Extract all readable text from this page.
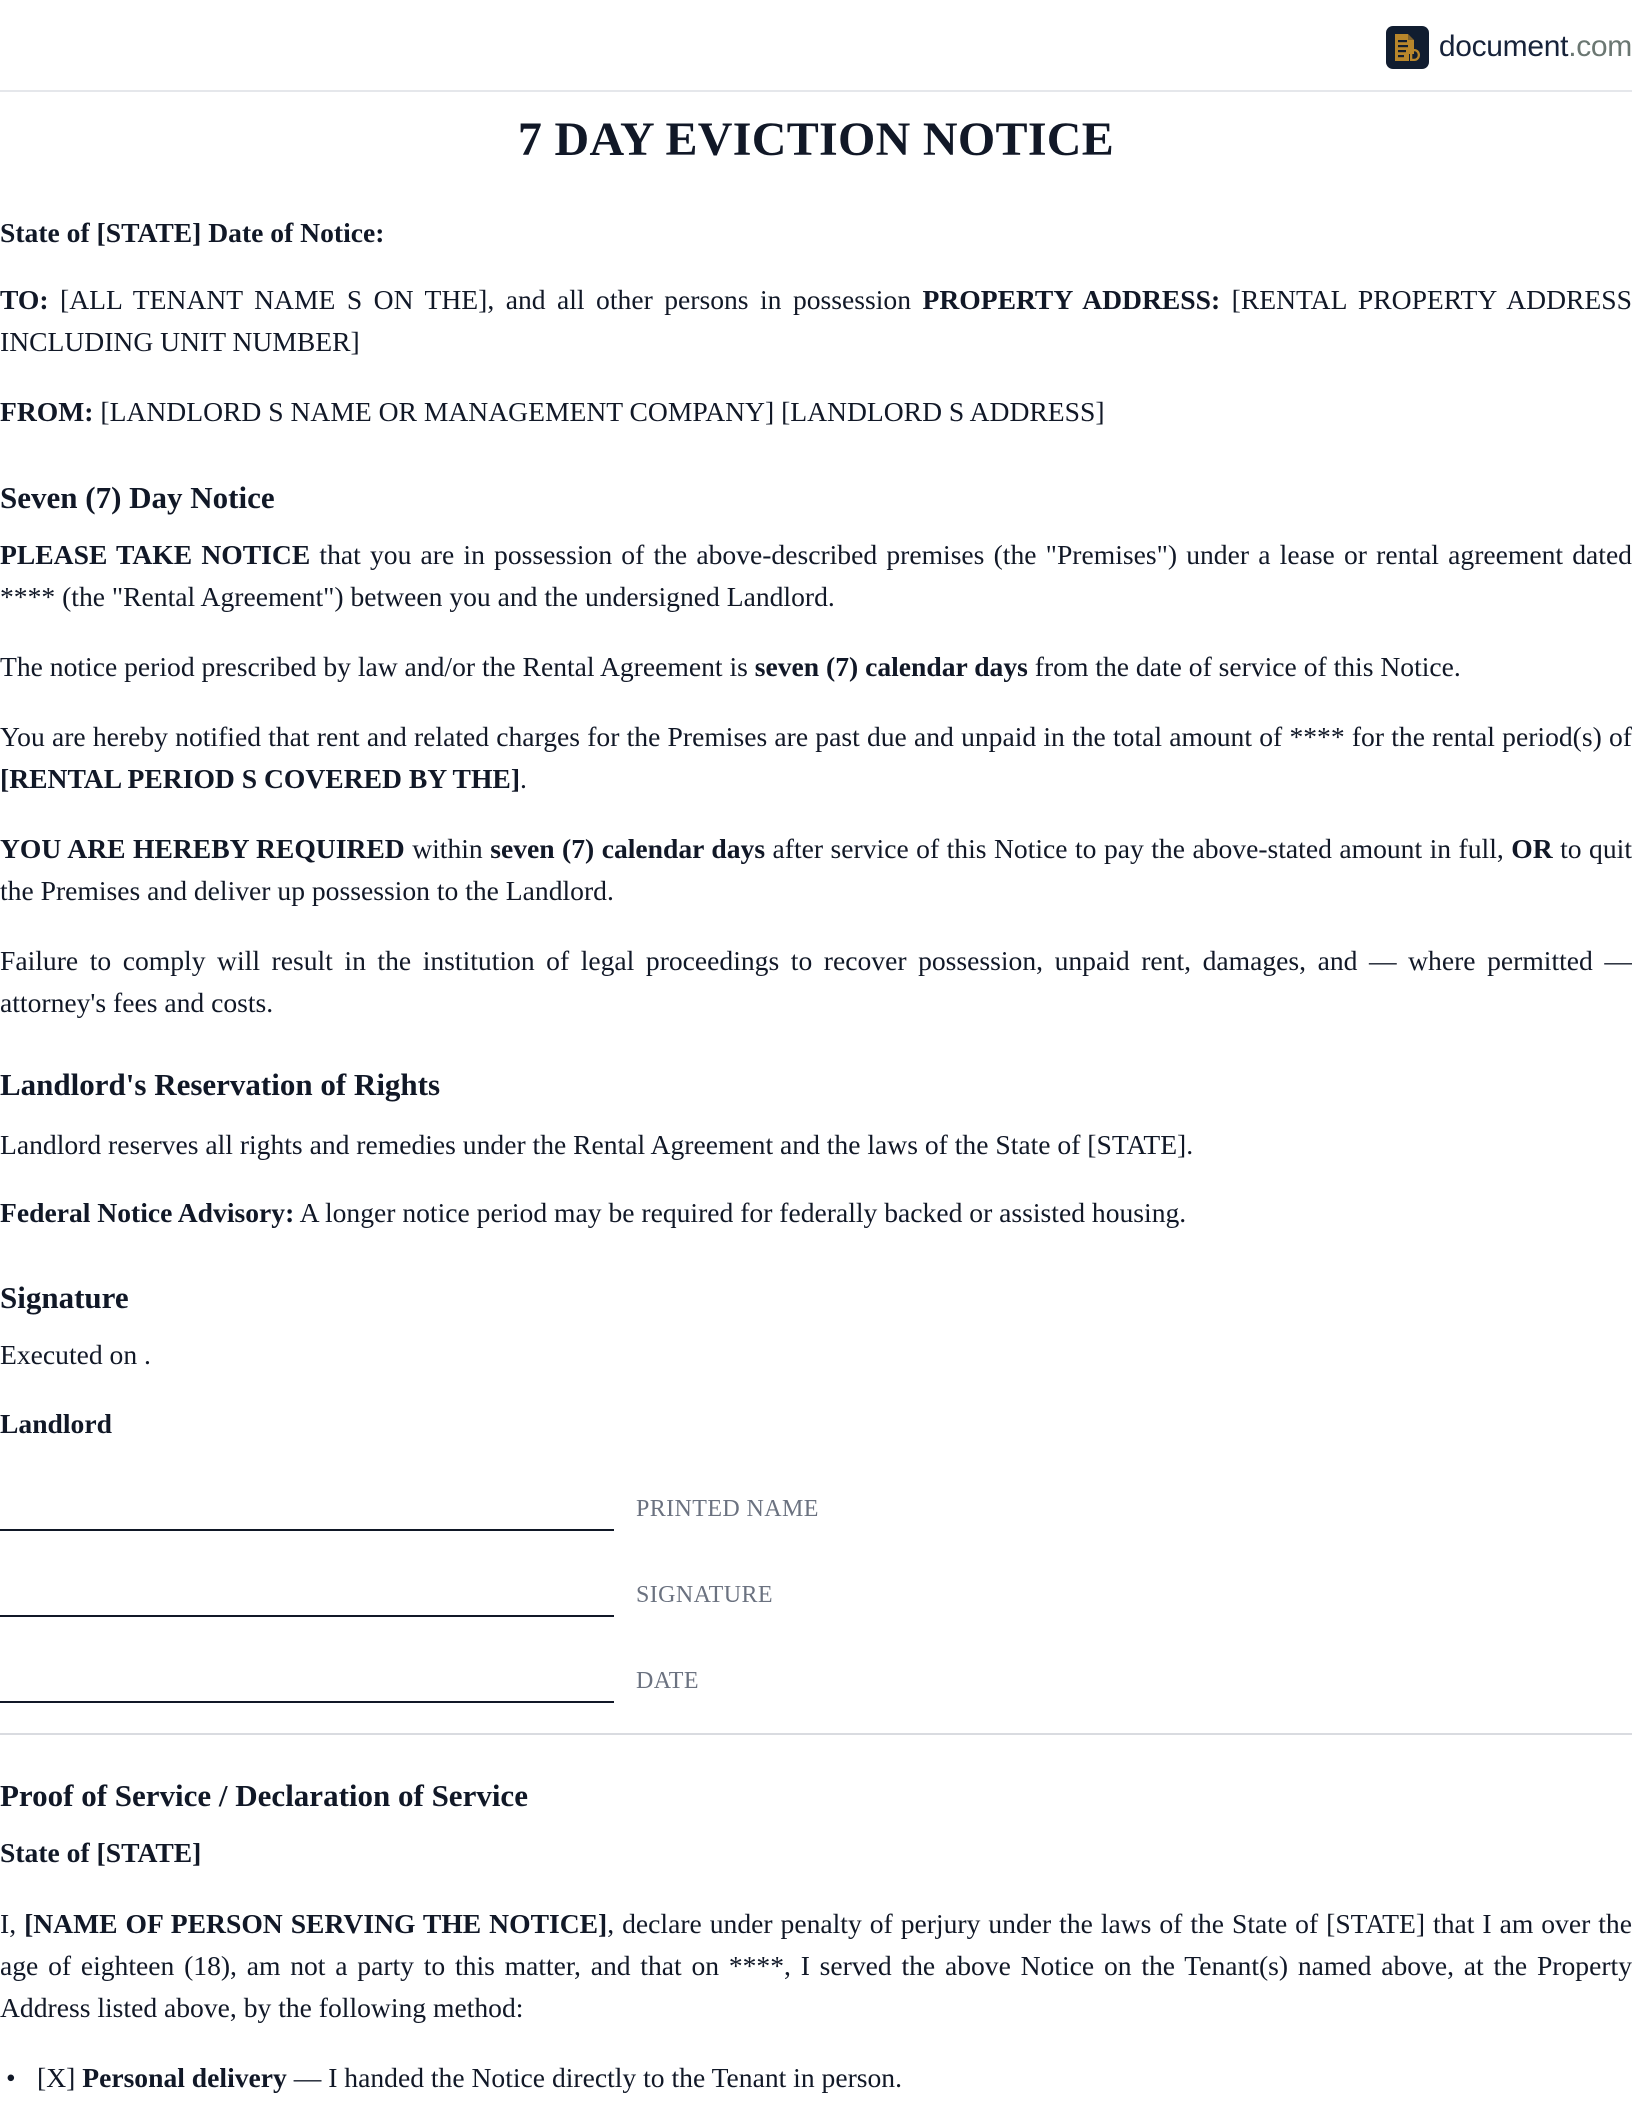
document.com
7 DAY EVICTION NOTICE

State of [STATE] Date of Notice:

TO: [ALL TENANT NAME S ON THE], and all other persons in possession PROPERTY ADDRESS: [RENTAL PROPERTY ADDRESS INCLUDING UNIT NUMBER]

FROM: [LANDLORD S NAME OR MANAGEMENT COMPANY] [LANDLORD S ADDRESS]

Seven (7) Day Notice

PLEASE TAKE NOTICE that you are in possession of the above-described premises (the "Premises") under a lease or rental agreement dated **** (the "Rental Agreement") between you and the undersigned Landlord.

The notice period prescribed by law and/or the Rental Agreement is seven (7) calendar days from the date of service of this Notice.

You are hereby notified that rent and related charges for the Premises are past due and unpaid in the total amount of **** for the rental period(s) of [RENTAL PERIOD S COVERED BY THE].

YOU ARE HEREBY REQUIRED within seven (7) calendar days after service of this Notice to pay the above-stated amount in full, OR to quit the Premises and deliver up possession to the Landlord.

Failure to comply will result in the institution of legal proceedings to recover possession, unpaid rent, damages, and — where permitted — attorney's fees and costs.

Landlord's Reservation of Rights

Landlord reserves all rights and remedies under the Rental Agreement and the laws of the State of [STATE].

Federal Notice Advisory: A longer notice period may be required for federally backed or assisted housing.

Signature

Executed on .

Landlord

PRINTED NAME
SIGNATURE
DATE
Proof of Service / Declaration of Service

State of [STATE]

I, [NAME OF PERSON SERVING THE NOTICE], declare under penalty of perjury under the laws of the State of [STATE] that I am over the age of eighteen (18), am not a party to this matter, and that on ****, I served the above Notice on the Tenant(s) named above, at the Property Address listed above, by the following method:

• [X] Personal delivery — I handed the Notice directly to the Tenant in person.
